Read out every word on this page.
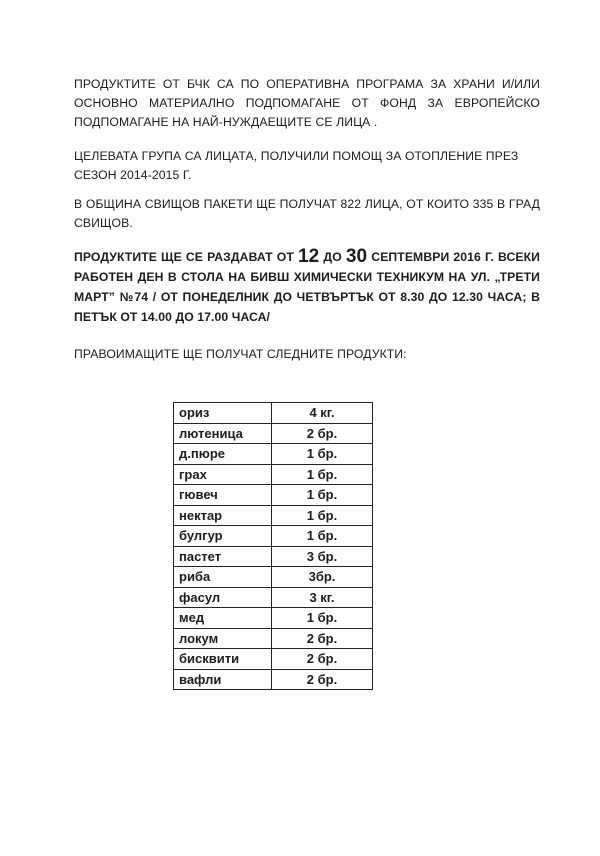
ПРОДУКТИТЕ ОТ БЧК СА ПО ОПЕРАТИВНА ПРОГРАМА ЗА ХРАНИ И/ИЛИ ОСНОВНО МАТЕРИАЛНО ПОДПОМАГАНЕ ОТ ФОНД ЗА ЕВРОПЕЙСКО ПОДПОМАГАНЕ НА НАЙ-НУЖДАЕЩИТЕ СЕ ЛИЦА .

ЦЕЛЕВАТА ГРУПА СА ЛИЦАТА, ПОЛУЧИЛИ ПОМОЩ ЗА ОТОПЛЕНИЕ ПРЕЗ СЕЗОН 2014-2015 Г.

В ОБЩИНА СВИЩОВ ПАКЕТИ ЩЕ ПОЛУЧАТ 822 ЛИЦА, ОТ КОИТО 335 В ГРАД СВИЩОВ.

ПРОДУКТИТЕ ЩЕ СЕ РАЗДАВАТ ОТ 12 ДО 30 СЕПТЕМВРИ 2016 Г. ВСЕКИ РАБОТЕН ДЕН В СТОЛА НА БИВШ ХИМИЧЕСКИ ТЕХНИКУМ НА УЛ. „ТРЕТИ МАРТ” №74 / ОТ ПОНЕДЕЛНИК ДО ЧЕТВЪРТЪК ОТ 8.30 ДО 12.30 ЧАСА; В ПЕТЪК ОТ 14.00 ДО 17.00 ЧАСА/

ПРАВОИМАЩИТЕ ЩЕ ПОЛУЧАТ СЛЕДНИТЕ ПРОДУКТИ:

ориз	4 кг.
лютеница	2 бр.
д.пюре	1 бр.
грах	1 бр.
гювеч	1 бр.
нектар	1 бр.
булгур	1 бр.
пастет	3 бр.
риба	3бр.
фасул	3 кг.
мед	1 бр.
локум	2 бр.
бисквити	2 бр.
вафли	2 бр.
